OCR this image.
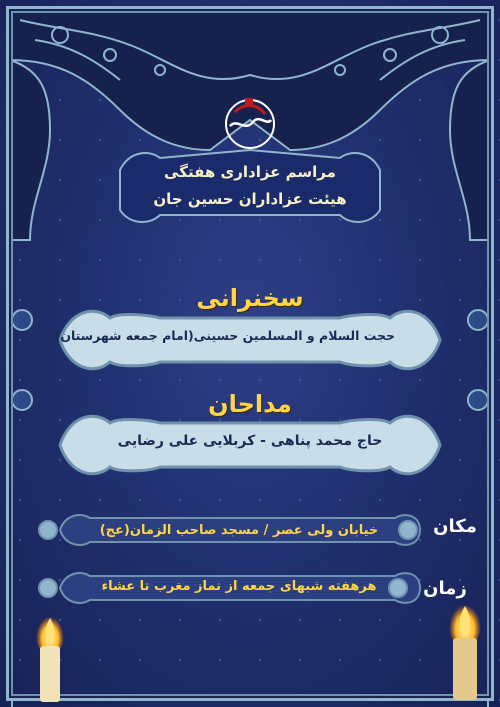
مراسم عزاداری هفتگی
هیئت عزاداران حسین جان
سخنرانی
حجت السلام و المسلمین حسینی(امام جمعه شهرستان)
مداحان
حاج محمد پناهی - کربلایی علی رضایی
مکان
خیابان ولی عصر / مسجد صاحب الزمان(عج)
زمان
هرهفته شبهای جمعه از نماز مغرب تا عشاء
